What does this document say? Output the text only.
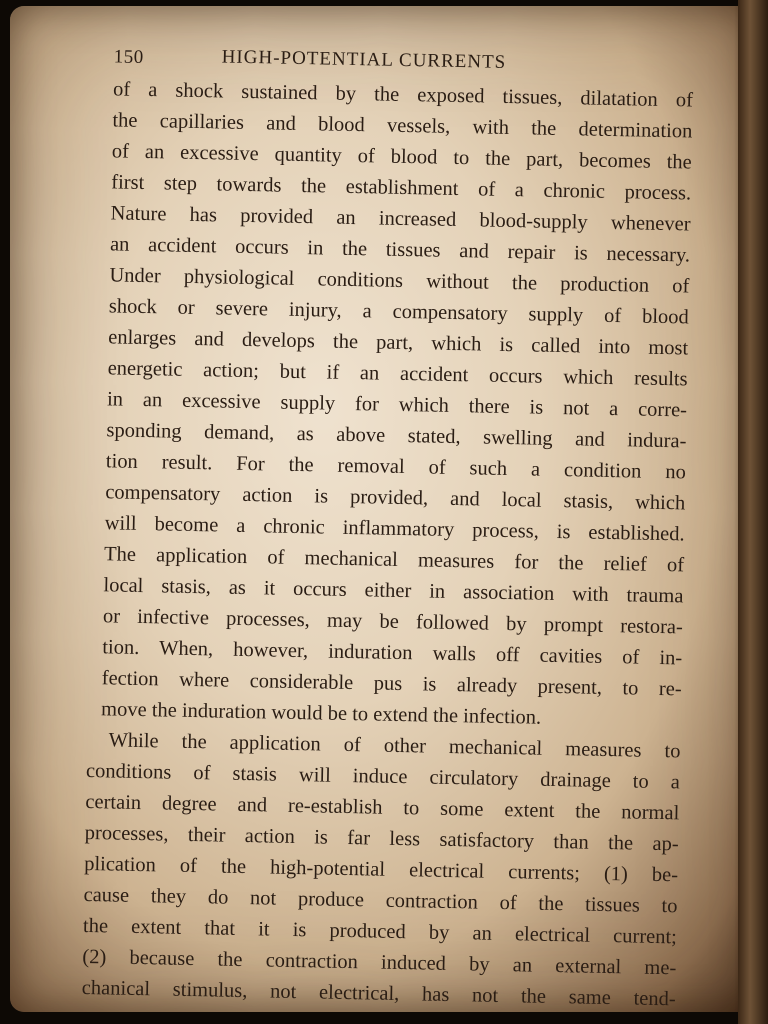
150	HIGH-POTENTIAL CURRENTS
of a shock sustained by the exposed tissues, dilatation of
the capillaries and blood vessels, with the determination
of an excessive quantity of blood to the part, becomes the
first step towards the establishment of a chronic process.
Nature has provided an increased blood-supply whenever
an accident occurs in the tissues and repair is necessary.
Under physiological conditions without the production of
shock or severe injury, a compensatory supply of blood
enlarges and develops the part, which is called into most
energetic action; but if an accident occurs which results
in an excessive supply for which there is not a corre-
sponding demand, as above stated, swelling and indura-
tion result. For the removal of such a condition no
compensatory action is provided, and local stasis, which
will become a chronic inflammatory process, is established.
The application of mechanical measures for the relief of
local stasis, as it occurs either in association with trauma
or infective processes, may be followed by prompt restora-
tion. When, however, induration walls off cavities of in-
fection where considerable pus is already present, to re-
move the induration would be to extend the infection.
While the application of other mechanical measures to
conditions of stasis will induce circulatory drainage to a
certain degree and re-establish to some extent the normal
processes, their action is far less satisfactory than the ap-
plication of the high-potential electrical currents; (1) be-
cause they do not produce contraction of the tissues to
the extent that it is produced by an electrical current;
(2) because the contraction induced by an external me-
chanical stimulus, not electrical, has not the same tend-
